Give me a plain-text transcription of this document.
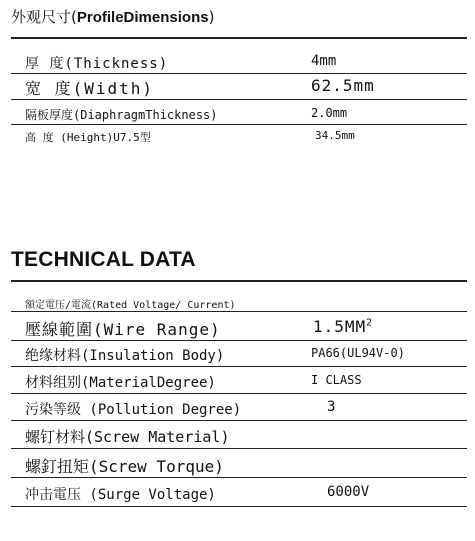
外观尺寸(ProfileDimensions)
厚 度(Thickness)	4mm
宽 度(Width)	62.5mm
隔板厚度(DiaphragmThickness)	2.0mm
高 度 (Height)U7.5型	34.5mm
TECHNICAL DATA
額定電压/電流(Rated Voltage/ Current)
壓線範圍(Wire Range)	$1.5MM^2$
绝缘材料(Insulation Body)	PA66(UL94V-0)
材料组别(MaterialDegree)	I CLASS
污染等级 (Pollution Degree)	3
螺钉材料(Screw Material)
螺釘扭矩(Screw Torque)
冲击電压 (Surge Voltage)	6000V
